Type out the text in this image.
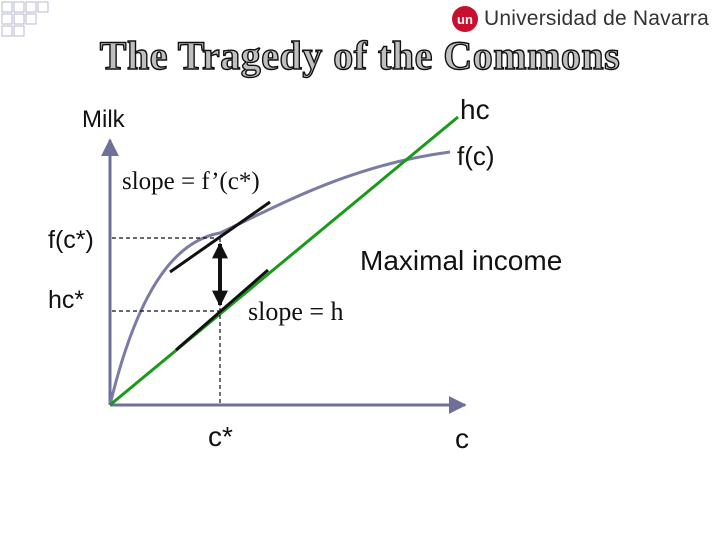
un Universidad de Navarra
The Tragedy of the Commons
Milk	hc
f(c)
slope = f’(c*)
f(c*)
hc*
Maximal income
slope = h
c*	c
